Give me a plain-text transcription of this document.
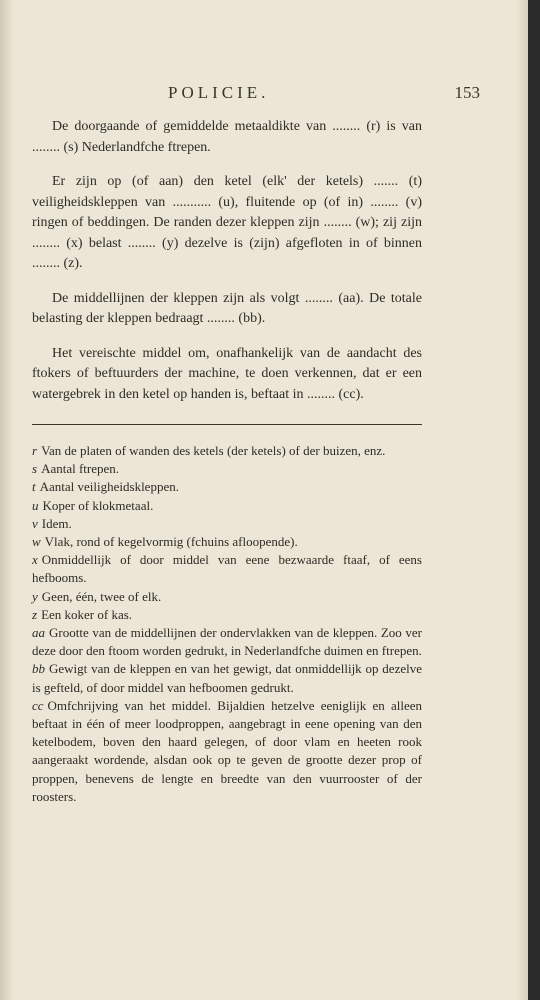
POLICIE.	153

De doorgaande of gemiddelde metaaldikte van ........ (r) is van ........ (s) Nederlandfche ftrepen.

Er zijn op (of aan) den ketel (elk' der ketels) ....... (t) veiligheidskleppen van ........... (u), fluitende op (of in) ........ (v) ringen of beddingen. De randen dezer kleppen zijn ........ (w); zij zijn ........ (x) belast ........ (y) dezelve is (zijn) afgefloten in of binnen ........ (z).

De middellijnen der kleppen zijn als volgt ........ (aa). De totale belasting der kleppen bedraagt ........ (bb).

Het vereischte middel om, onafhankelijk van de aandacht des ftokers of beftuurders der machine, te doen verkennen, dat er een watergebrek in den ketel op handen is, beftaat in ........ (cc).

r Van de platen of wanden des ketels (der ketels) of der buizen, enz.

s Aantal ftrepen.

t Aantal veiligheidskleppen.

u Koper of klokmetaal.

v Idem.

w Vlak, rond of kegelvormig (fchuins afloopende).

x Onmiddellijk of door middel van eene bezwaarde ftaaf, of eens hefbooms.

y Geen, één, twee of elk.

z Een koker of kas.

aa Grootte van de middellijnen der ondervlakken van de kleppen. Zoo ver deze door den ftoom worden gedrukt, in Nederlandfche duimen en ftrepen.

bb Gewigt van de kleppen en van het gewigt, dat onmiddellijk op dezelve is gefteld, of door middel van hefboomen gedrukt.

cc Omfchrijving van het middel. Bijaldien hetzelve eeniglijk en alleen beftaat in één of meer loodproppen, aangebragt in eene opening van den ketelbodem, boven den haard gelegen, of door vlam en heeten rook aangeraakt wordende, alsdan ook op te geven de grootte dezer prop of proppen, benevens de lengte en breedte van den vuurrooster of der roosters.
